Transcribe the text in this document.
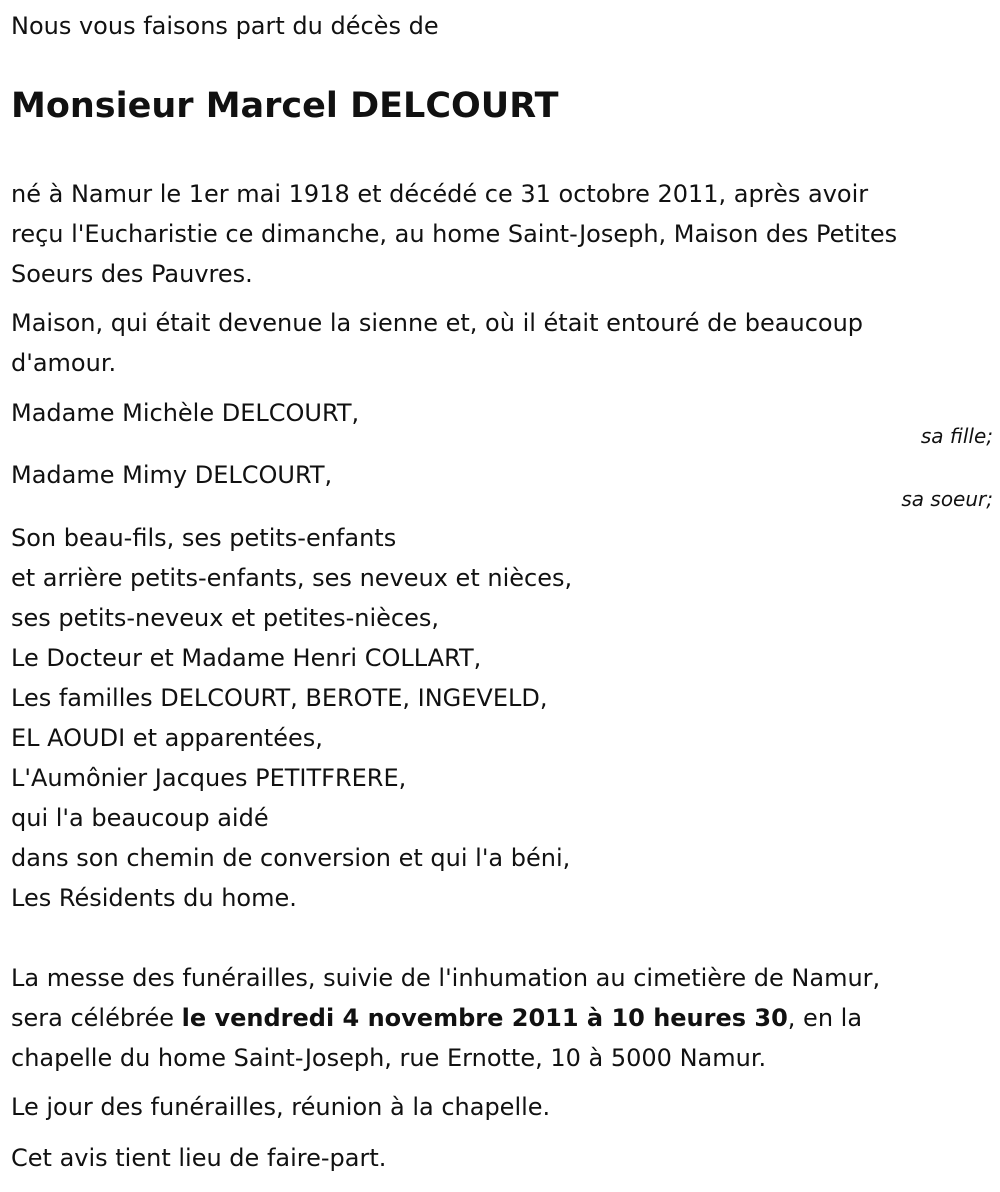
Nous vous faisons part du décès de
Monsieur Marcel DELCOURT
né à Namur le 1er mai 1918 et décédé ce 31 octobre 2011, après avoir
reçu l'Eucharistie ce dimanche, au home Saint-Joseph, Maison des Petites
Soeurs des Pauvres.
Maison, qui était devenue la sienne et, où il était entouré de beaucoup
d'amour.
Madame Michèle DELCOURT,
sa fille;
Madame Mimy DELCOURT,
sa soeur;
Son beau-fils, ses petits-enfants
et arrière petits-enfants, ses neveux et nièces,
ses petits-neveux et petites-nièces,
Le Docteur et Madame Henri COLLART,
Les familles DELCOURT, BEROTE, INGEVELD,
EL AOUDI et apparentées,
L'Aumônier Jacques PETITFRERE,
qui l'a beaucoup aidé
dans son chemin de conversion et qui l'a béni,
Les Résidents du home.
La messe des funérailles, suivie de l'inhumation au cimetière de Namur,
sera célébrée le vendredi 4 novembre 2011 à 10 heures 30, en la
chapelle du home Saint-Joseph, rue Ernotte, 10 à 5000 Namur.
Le jour des funérailles, réunion à la chapelle.
Cet avis tient lieu de faire-part.
